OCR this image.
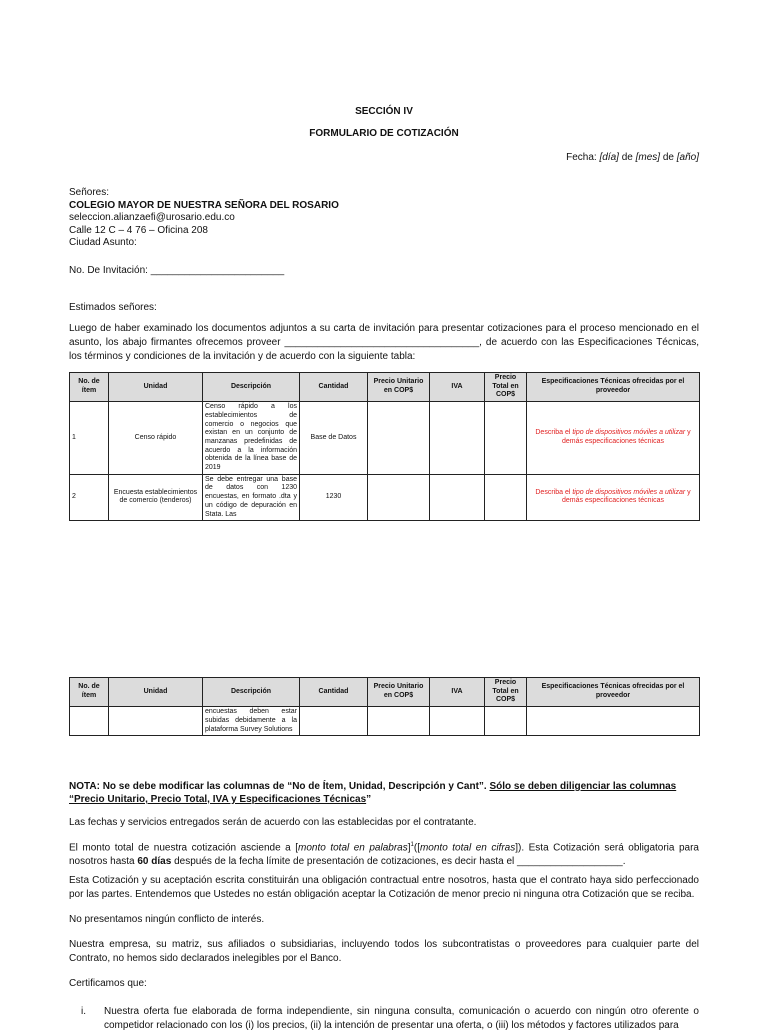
SECCIÓN IV
FORMULARIO DE COTIZACIÓN
Fecha: [día] de [mes] de [año]
Señores:
COLEGIO MAYOR DE NUESTRA SEÑORA DEL ROSARIO
seleccion.alianzaefi@urosario.edu.co
Calle 12 C – 4 76 – Oficina 208
Ciudad Asunto:
No. De Invitación: ________________________
Estimados señores:
Luego de haber examinado los documentos adjuntos a su carta de invitación para presentar cotizaciones para el proceso mencionado en el asunto, los abajo firmantes ofrecemos proveer ___________________________________, de acuerdo con las Especificaciones Técnicas, los términos y condiciones de la invitación y de acuerdo con la siguiente tabla:
No. de ítem	Unidad	Descripción	Cantidad	Precio Unitario en COP$	IVA	Precio Total en COP$	Especificaciones Técnicas ofrecidas por el proveedor
1	Censo rápido	Censo rápido a los establecimientos de comercio o negocios que existan en un conjunto de manzanas predefinidas de acuerdo a la información obtenida de la línea base de 2019	Base de Datos				Describa el tipo de dispositivos móviles a utilizar y demás especificaciones técnicas
2	Encuesta establecimientos de comercio (tenderos)	Se debe entregar una base de datos con 1230 encuestas, en formato .dta y un código de depuración en Stata. Las	1230				Describa el tipo de dispositivos móviles a utilizar y demás especificaciones técnicas
No. de ítem	Unidad	Descripción	Cantidad	Precio Unitario en COP$	IVA	Precio Total en COP$	Especificaciones Técnicas ofrecidas por el proveedor
		encuestas deben estar subidas debidamente a la plataforma Survey Solutions					
NOTA: No se debe modificar las columnas de “No de Ítem, Unidad, Descripción y Cant”. Sólo se deben diligenciar las columnas “Precio Unitario, Precio Total, IVA y Especificaciones Técnicas”
Las fechas y servicios entregados serán de acuerdo con las establecidas por el contratante.
El monto total de nuestra cotización asciende a [monto total en palabras]$^1$([monto total en cifras]). Esta Cotización será obligatoria para nosotros hasta 60 días después de la fecha límite de presentación de cotizaciones, es decir hasta el ___________________.
Esta Cotización y su aceptación escrita constituirán una obligación contractual entre nosotros, hasta que el contrato haya sido perfeccionado por las partes. Entendemos que Ustedes no están obligación aceptar la Cotización de menor precio ni ninguna otra Cotización que se reciba.
No presentamos ningún conflicto de interés.
Nuestra empresa, su matriz, sus afiliados o subsidiarias, incluyendo todos los subcontratistas o proveedores para cualquier parte del Contrato, no hemos sido declarados inelegibles por el Banco.
Certificamos que:
i. Nuestra oferta fue elaborada de forma independiente, sin ninguna consulta, comunicación o acuerdo con ningún otro oferente o competidor relacionado con los (i) los precios, (ii) la intención de presentar una oferta, o (iii) los métodos y factores utilizados para
